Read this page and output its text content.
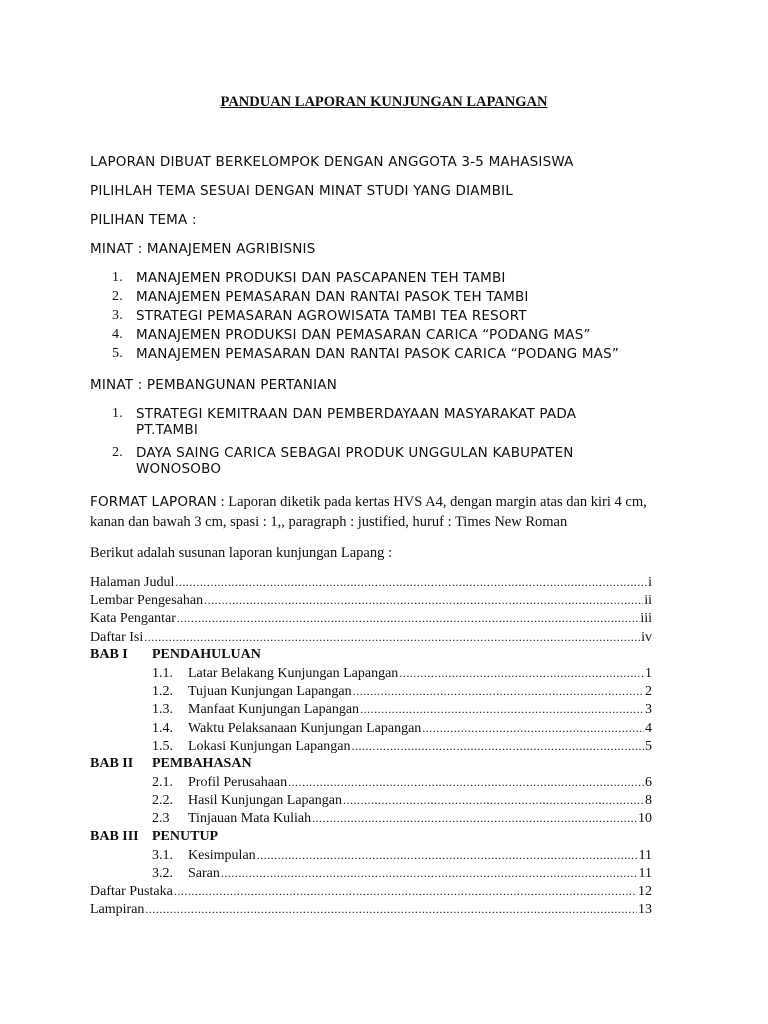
PANDUAN LAPORAN KUNJUNGAN LAPANGAN
LAPORAN DIBUAT BERKELOMPOK DENGAN ANGGOTA 3-5 MAHASISWA
PILIHLAH TEMA SESUAI DENGAN MINAT STUDI YANG DIAMBIL
PILIHAN TEMA :
MINAT : MANAJEMEN AGRIBISNIS
1. MANAJEMEN PRODUKSI DAN PASCAPANEN TEH TAMBI
2. MANAJEMEN PEMASARAN DAN RANTAI PASOK TEH TAMBI
3. STRATEGI PEMASARAN AGROWISATA TAMBI TEA RESORT
4. MANAJEMEN PRODUKSI DAN PEMASARAN CARICA “PODANG MAS”
5. MANAJEMEN PEMASARAN DAN RANTAI PASOK CARICA “PODANG MAS”
MINAT : PEMBANGUNAN PERTANIAN
1. STRATEGI KEMITRAAN DAN PEMBERDAYAAN MASYARAKAT PADA
PT.TAMBI
2. DAYA SAING CARICA SEBAGAI PRODUK UNGGULAN KABUPATEN
WONOSOBO
FORMAT LAPORAN : Laporan diketik pada kertas HVS A4, dengan margin atas dan kiri 4 cm, kanan dan bawah 3 cm, spasi : 1,, paragraph : justified, huruf : Times New Roman
Berikut adalah susunan laporan kunjungan Lapang :
Halaman Judul .....	i
Lembar Pengesahan .....	ii
Kata Pengantar .....	iii
Daftar Isi .....	iv
BAB I	PENDAHULUAN
1.1.	Latar Belakang Kunjungan Lapangan .....	1
1.2.	Tujuan Kunjungan Lapangan .....	2
1.3.	Manfaat Kunjungan Lapangan .....	3
1.4.	Waktu Pelaksanaan Kunjungan Lapangan .....	4
1.5.	Lokasi Kunjungan Lapangan .....	5
BAB II	PEMBAHASAN
2.1.	Profil Perusahaan .....	6
2.2.	Hasil Kunjungan Lapangan .....	8
2.3	Tinjauan Mata Kuliah .....	10
BAB III PENUTUP
3.1.	Kesimpulan .....	11
3.2.	Saran .....	11
Daftar Pustaka .....	12
Lampiran .....	13
